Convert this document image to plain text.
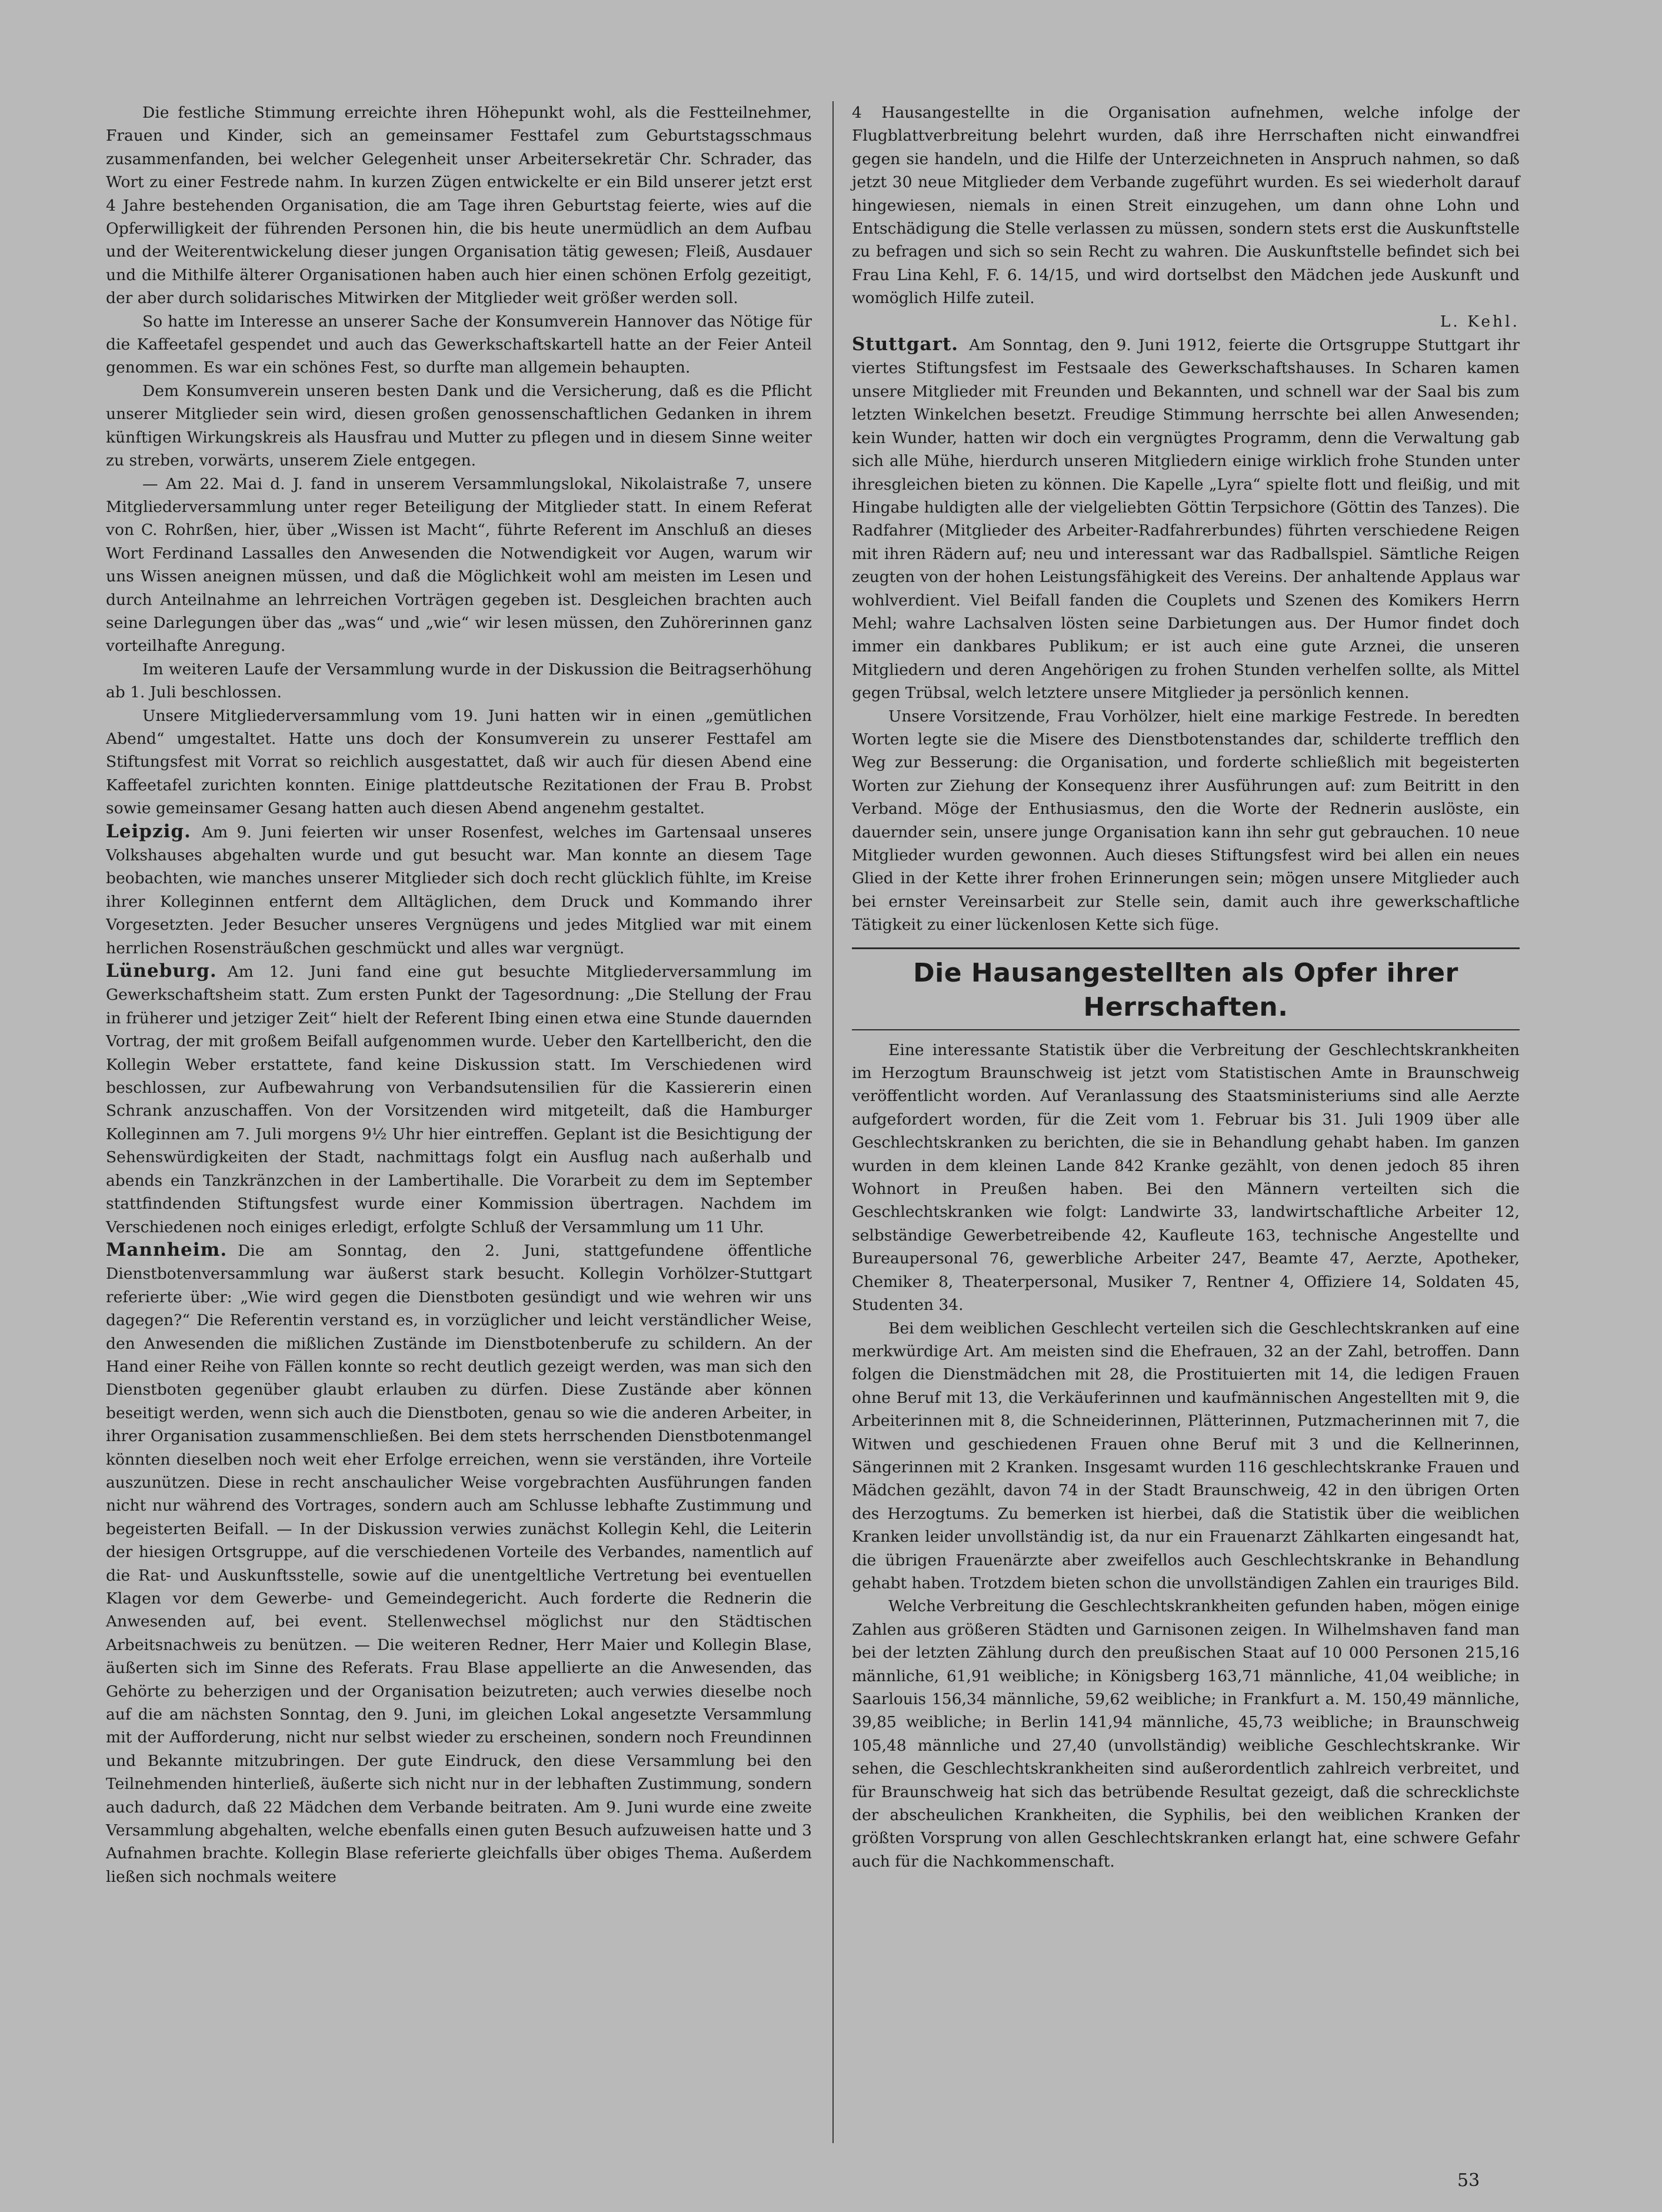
Die festliche Stimmung erreichte ihren Höhepunkt wohl, als die Festteilnehmer, Frauen und Kinder, sich an gemeinsamer Festtafel zum Geburtstagsschmaus zusammenfanden, bei welcher Gelegenheit unser Arbeitersekretär Chr. Schrader, das Wort zu einer Festrede nahm. In kurzen Zügen entwickelte er ein Bild unserer jetzt erst 4 Jahre bestehenden Organisation, die am Tage ihren Geburtstag feierte, wies auf die Opferwilligkeit der führenden Personen hin, die bis heute unermüdlich an dem Aufbau und der Weiterentwickelung dieser jungen Organisation tätig gewesen; Fleiß, Ausdauer und die Mithilfe älterer Organisationen haben auch hier einen schönen Erfolg gezeitigt, der aber durch solidarisches Mitwirken der Mitglieder weit größer werden soll.

So hatte im Interesse an unserer Sache der Konsumverein Hannover das Nötige für die Kaffeetafel gespendet und auch das Gewerkschaftskartell hatte an der Feier Anteil genommen. Es war ein schönes Fest, so durfte man allgemein behaupten.

Dem Konsumverein unseren besten Dank und die Versicherung, daß es die Pflicht unserer Mitglieder sein wird, diesen großen genossenschaftlichen Gedanken in ihrem künftigen Wirkungskreis als Hausfrau und Mutter zu pflegen und in diesem Sinne weiter zu streben, vorwärts, unserem Ziele entgegen.

— Am 22. Mai d. J. fand in unserem Versammlungslokal, Nikolaistraße 7, unsere Mitgliederversammlung unter reger Beteiligung der Mitglieder statt. In einem Referat von C. Rohrßen, hier, über „Wissen ist Macht“, führte Referent im Anschluß an dieses Wort Ferdinand Lassalles den Anwesenden die Notwendigkeit vor Augen, warum wir uns Wissen aneignen müssen, und daß die Möglichkeit wohl am meisten im Lesen und durch Anteilnahme an lehrreichen Vorträgen gegeben ist. Desgleichen brachten auch seine Darlegungen über das „was“ und „wie“ wir lesen müssen, den Zuhörerinnen ganz vorteilhafte Anregung.

Im weiteren Laufe der Versammlung wurde in der Diskussion die Beitragserhöhung ab 1. Juli beschlossen.

Unsere Mitgliederversammlung vom 19. Juni hatten wir in einen „gemütlichen Abend“ umgestaltet. Hatte uns doch der Konsumverein zu unserer Festtafel am Stiftungsfest mit Vorrat so reichlich ausgestattet, daß wir auch für diesen Abend eine Kaffeetafel zurichten konnten. Einige plattdeutsche Rezitationen der Frau B. Probst sowie gemeinsamer Gesang hatten auch diesen Abend angenehm gestaltet.

Leipzig. Am 9. Juni feierten wir unser Rosenfest, welches im Gartensaal unseres Volkshauses abgehalten wurde und gut besucht war. Man konnte an diesem Tage beobachten, wie manches unserer Mitglieder sich doch recht glücklich fühlte, im Kreise ihrer Kolleginnen entfernt dem Alltäglichen, dem Druck und Kommando ihrer Vorgesetzten. Jeder Besucher unseres Vergnügens und jedes Mitglied war mit einem herrlichen Rosensträußchen geschmückt und alles war vergnügt.

Lüneburg. Am 12. Juni fand eine gut besuchte Mitgliederversammlung im Gewerkschaftsheim statt. Zum ersten Punkt der Tagesordnung: „Die Stellung der Frau in früherer und jetziger Zeit“ hielt der Referent Ibing einen etwa eine Stunde dauernden Vortrag, der mit großem Beifall aufgenommen wurde. Ueber den Kartellbericht, den die Kollegin Weber erstattete, fand keine Diskussion statt. Im Verschiedenen wird beschlossen, zur Aufbewahrung von Verbandsutensilien für die Kassiererin einen Schrank anzuschaffen. Von der Vorsitzenden wird mitgeteilt, daß die Hamburger Kolleginnen am 7. Juli morgens 9½ Uhr hier eintreffen. Geplant ist die Besichtigung der Sehenswürdigkeiten der Stadt, nachmittags folgt ein Ausflug nach außerhalb und abends ein Tanzkränzchen in der Lambertihalle. Die Vorarbeit zu dem im September stattfindenden Stiftungsfest wurde einer Kommission übertragen. Nachdem im Verschiedenen noch einiges erledigt, erfolgte Schluß der Versammlung um 11 Uhr.

Mannheim. Die am Sonntag, den 2. Juni, stattgefundene öffentliche Dienstbotenversammlung war äußerst stark besucht. Kollegin Vorhölzer-Stuttgart referierte über: „Wie wird gegen die Dienstboten gesündigt und wie wehren wir uns dagegen?“ Die Referentin verstand es, in vorzüglicher und leicht verständlicher Weise, den Anwesenden die mißlichen Zustände im Dienstbotenberufe zu schildern. An der Hand einer Reihe von Fällen konnte so recht deutlich gezeigt werden, was man sich den Dienstboten gegenüber glaubt erlauben zu dürfen. Diese Zustände aber können beseitigt werden, wenn sich auch die Dienstboten, genau so wie die anderen Arbeiter, in ihrer Organisation zusammenschließen. Bei dem stets herrschenden Dienstbotenmangel könnten dieselben noch weit eher Erfolge erreichen, wenn sie verständen, ihre Vorteile auszunützen. Diese in recht anschaulicher Weise vorgebrachten Ausführungen fanden nicht nur während des Vortrages, sondern auch am Schlusse lebhafte Zustimmung und begeisterten Beifall. — In der Diskussion verwies zunächst Kollegin Kehl, die Leiterin der hiesigen Ortsgruppe, auf die verschiedenen Vorteile des Verbandes, namentlich auf die Rat- und Auskunftsstelle, sowie auf die unentgeltliche Vertretung bei eventuellen Klagen vor dem Gewerbe- und Gemeindegericht. Auch forderte die Rednerin die Anwesenden auf, bei event. Stellenwechsel möglichst nur den Städtischen Arbeitsnachweis zu benützen. — Die weiteren Redner, Herr Maier und Kollegin Blase, äußerten sich im Sinne des Referats. Frau Blase appellierte an die Anwesenden, das Gehörte zu beherzigen und der Organisation beizutreten; auch verwies dieselbe noch auf die am nächsten Sonntag, den 9. Juni, im gleichen Lokal angesetzte Versammlung mit der Aufforderung, nicht nur selbst wieder zu erscheinen, sondern noch Freundinnen und Bekannte mitzubringen. Der gute Eindruck, den diese Versammlung bei den Teilnehmenden hinterließ, äußerte sich nicht nur in der lebhaften Zustimmung, sondern auch dadurch, daß 22 Mädchen dem Verbande beitraten. Am 9. Juni wurde eine zweite Versammlung abgehalten, welche ebenfalls einen guten Besuch aufzuweisen hatte und 3 Aufnahmen brachte. Kollegin Blase referierte gleichfalls über obiges Thema. Außerdem ließen sich nochmals weitere

4 Hausangestellte in die Organisation aufnehmen, welche infolge der Flugblattverbreitung belehrt wurden, daß ihre Herrschaften nicht einwandfrei gegen sie handeln, und die Hilfe der Unterzeichneten in Anspruch nahmen, so daß jetzt 30 neue Mitglieder dem Verbande zugeführt wurden. Es sei wiederholt darauf hingewiesen, niemals in einen Streit einzugehen, um dann ohne Lohn und Entschädigung die Stelle verlassen zu müssen, sondern stets erst die Auskunftstelle zu befragen und sich so sein Recht zu wahren. Die Auskunftstelle befindet sich bei Frau Lina Kehl, F. 6. 14/15, und wird dortselbst den Mädchen jede Auskunft und womöglich Hilfe zuteil.

L. Kehl.

Stuttgart. Am Sonntag, den 9. Juni 1912, feierte die Ortsgruppe Stuttgart ihr viertes Stiftungsfest im Festsaale des Gewerkschaftshauses. In Scharen kamen unsere Mitglieder mit Freunden und Bekannten, und schnell war der Saal bis zum letzten Winkelchen besetzt. Freudige Stimmung herrschte bei allen Anwesenden; kein Wunder, hatten wir doch ein vergnügtes Programm, denn die Verwaltung gab sich alle Mühe, hierdurch unseren Mitgliedern einige wirklich frohe Stunden unter ihresgleichen bieten zu können. Die Kapelle „Lyra“ spielte flott und fleißig, und mit Hingabe huldigten alle der vielgeliebten Göttin Terpsichore (Göttin des Tanzes). Die Radfahrer (Mitglieder des Arbeiter-Radfahrerbundes) führten verschiedene Reigen mit ihren Rädern auf; neu und interessant war das Radballspiel. Sämtliche Reigen zeugten von der hohen Leistungsfähigkeit des Vereins. Der anhaltende Applaus war wohlverdient. Viel Beifall fanden die Couplets und Szenen des Komikers Herrn Mehl; wahre Lachsalven lösten seine Darbietungen aus. Der Humor findet doch immer ein dankbares Publikum; er ist auch eine gute Arznei, die unseren Mitgliedern und deren Angehörigen zu frohen Stunden verhelfen sollte, als Mittel gegen Trübsal, welch letztere unsere Mitglieder ja persönlich kennen.

Unsere Vorsitzende, Frau Vorhölzer, hielt eine markige Festrede. In beredten Worten legte sie die Misere des Dienstbotenstandes dar, schilderte trefflich den Weg zur Besserung: die Organisation, und forderte schließlich mit begeisterten Worten zur Ziehung der Konsequenz ihrer Ausführungen auf: zum Beitritt in den Verband. Möge der Enthusiasmus, den die Worte der Rednerin auslöste, ein dauernder sein, unsere junge Organisation kann ihn sehr gut gebrauchen. 10 neue Mitglieder wurden gewonnen. Auch dieses Stiftungsfest wird bei allen ein neues Glied in der Kette ihrer frohen Erinnerungen sein; mögen unsere Mitglieder auch bei ernster Vereinsarbeit zur Stelle sein, damit auch ihre gewerkschaftliche Tätigkeit zu einer lückenlosen Kette sich füge.

Die Hausangestellten als Opfer ihrer Herrschaften.

Eine interessante Statistik über die Verbreitung der Geschlechtskrankheiten im Herzogtum Braunschweig ist jetzt vom Statistischen Amte in Braunschweig veröffentlicht worden. Auf Veranlassung des Staatsministeriums sind alle Aerzte aufgefordert worden, für die Zeit vom 1. Februar bis 31. Juli 1909 über alle Geschlechtskranken zu berichten, die sie in Behandlung gehabt haben. Im ganzen wurden in dem kleinen Lande 842 Kranke gezählt, von denen jedoch 85 ihren Wohnort in Preußen haben. Bei den Männern verteilten sich die Geschlechtskranken wie folgt: Landwirte 33, landwirtschaftliche Arbeiter 12, selbständige Gewerbetreibende 42, Kaufleute 163, technische Angestellte und Bureaupersonal 76, gewerbliche Arbeiter 247, Beamte 47, Aerzte, Apotheker, Chemiker 8, Theaterpersonal, Musiker 7, Rentner 4, Offiziere 14, Soldaten 45, Studenten 34.

Bei dem weiblichen Geschlecht verteilen sich die Geschlechtskranken auf eine merkwürdige Art. Am meisten sind die Ehefrauen, 32 an der Zahl, betroffen. Dann folgen die Dienstmädchen mit 28, die Prostituierten mit 14, die ledigen Frauen ohne Beruf mit 13, die Verkäuferinnen und kaufmännischen Angestellten mit 9, die Arbeiterinnen mit 8, die Schneiderinnen, Plätterinnen, Putzmacherinnen mit 7, die Witwen und geschiedenen Frauen ohne Beruf mit 3 und die Kellnerinnen, Sängerinnen mit 2 Kranken. Insgesamt wurden 116 geschlechtskranke Frauen und Mädchen gezählt, davon 74 in der Stadt Braunschweig, 42 in den übrigen Orten des Herzogtums. Zu bemerken ist hierbei, daß die Statistik über die weiblichen Kranken leider unvollständig ist, da nur ein Frauenarzt Zählkarten eingesandt hat, die übrigen Frauenärzte aber zweifellos auch Geschlechtskranke in Behandlung gehabt haben. Trotzdem bieten schon die unvollständigen Zahlen ein trauriges Bild.

Welche Verbreitung die Geschlechtskrankheiten gefunden haben, mögen einige Zahlen aus größeren Städten und Garnisonen zeigen. In Wilhelmshaven fand man bei der letzten Zählung durch den preußischen Staat auf 10 000 Personen 215,16 männliche, 61,91 weibliche; in Königsberg 163,71 männliche, 41,04 weibliche; in Saarlouis 156,34 männliche, 59,62 weibliche; in Frankfurt a. M. 150,49 männliche, 39,85 weibliche; in Berlin 141,94 männliche, 45,73 weibliche; in Braunschweig 105,48 männliche und 27,40 (unvollständig) weibliche Geschlechtskranke. Wir sehen, die Geschlechtskrankheiten sind außerordentlich zahlreich verbreitet, und für Braunschweig hat sich das betrübende Resultat gezeigt, daß die schrecklichste der abscheulichen Krankheiten, die Syphilis, bei den weiblichen Kranken der größten Vorsprung von allen Geschlechtskranken erlangt hat, eine schwere Gefahr auch für die Nachkommenschaft.

53
